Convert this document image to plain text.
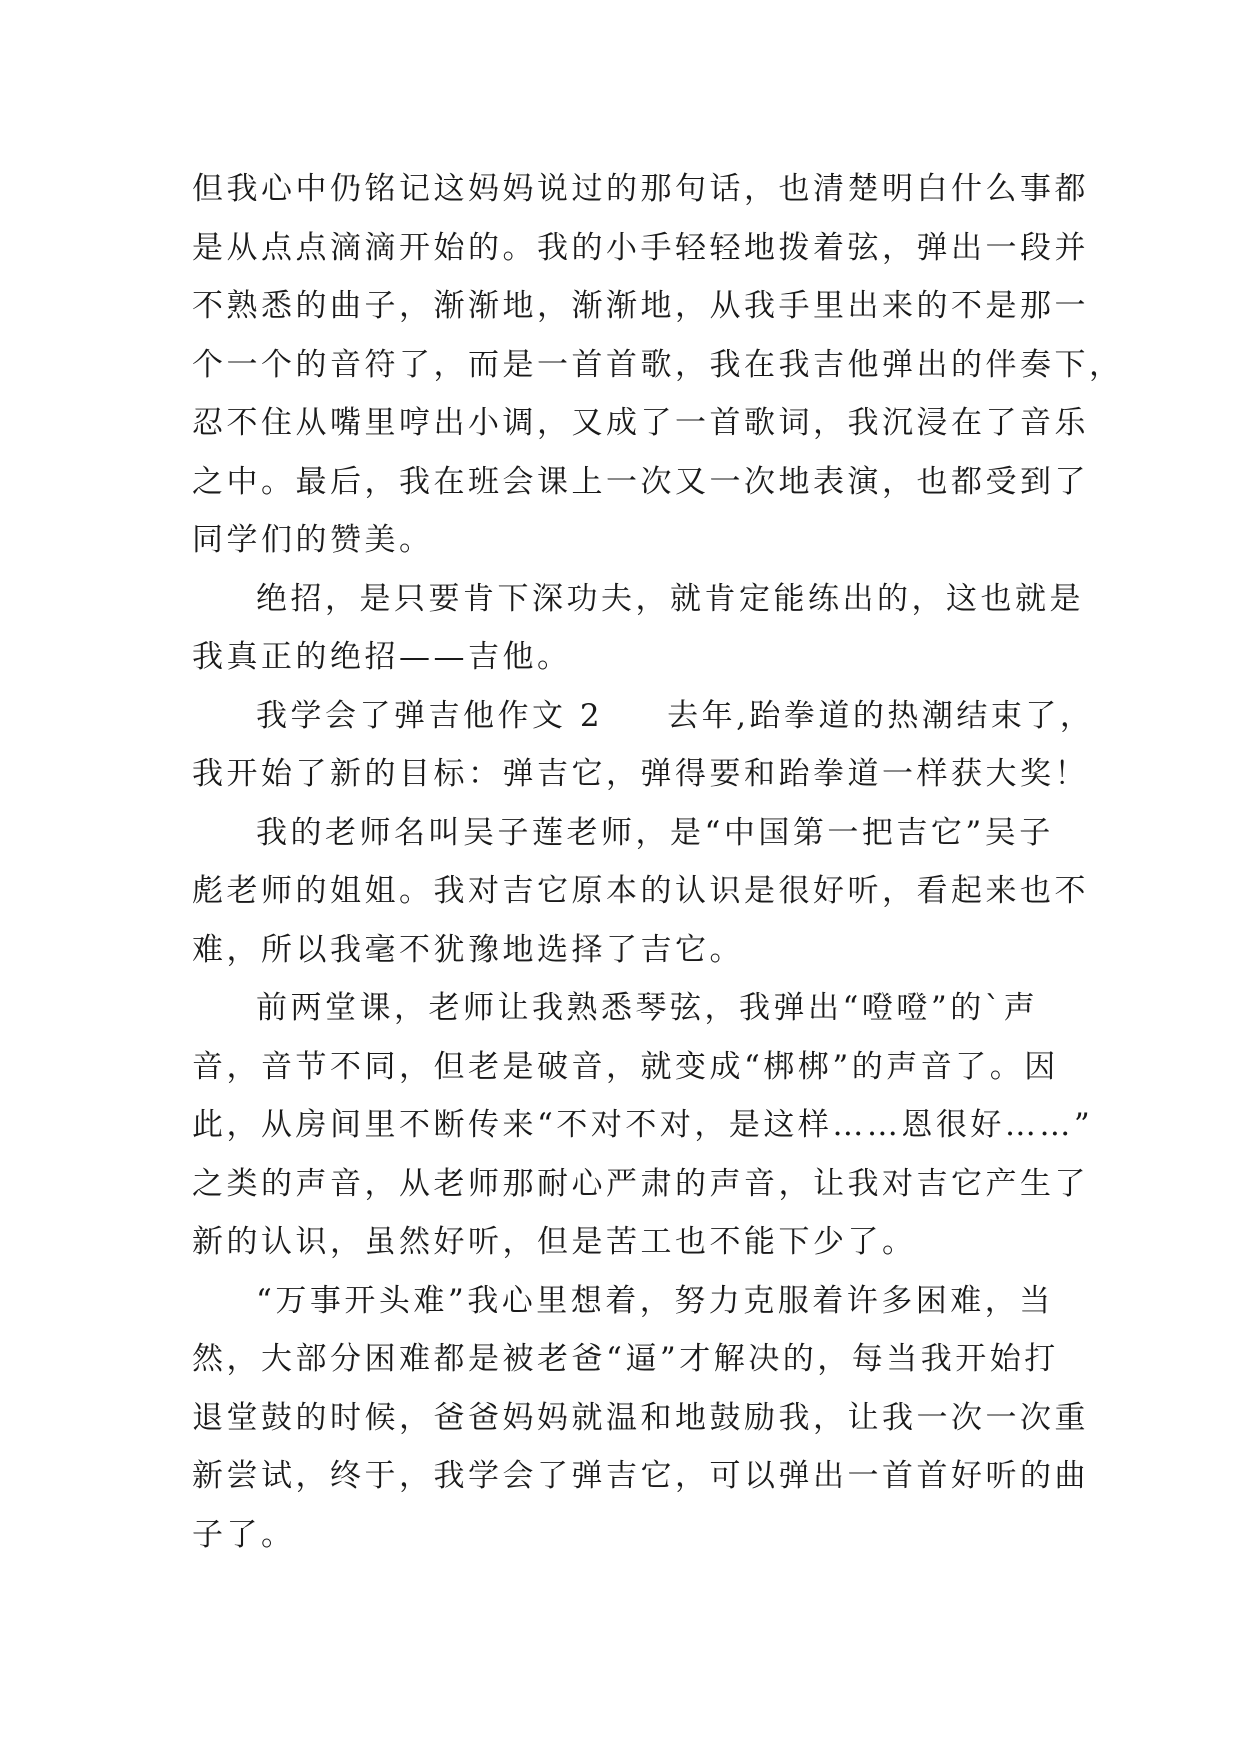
但我心中仍铭记这妈妈说过的那句话，也清楚明白什么事都
是从点点滴滴开始的。我的小手轻轻地拨着弦，弹出一段并
不熟悉的曲子，渐渐地，渐渐地，从我手里出来的不是那一
个一个的音符了，而是一首首歌，我在我吉他弹出的伴奏下，
忍不住从嘴里哼出小调，又成了一首歌词，我沉浸在了音乐
之中。最后，我在班会课上一次又一次地表演，也都受到了
同学们的赞美。
绝招，是只要肯下深功夫，就肯定能练出的，这也就是
我真正的绝招——吉他。
我学会了弹吉他作文 2 去年,跆拳道的热潮结束了，
我开始了新的目标：弹吉它，弹得要和跆拳道一样获大奖！
我的老师名叫吴子莲老师，是“中国第一把吉它”吴子
彪老师的姐姐。我对吉它原本的认识是很好听，看起来也不
难，所以我毫不犹豫地选择了吉它。
前两堂课，老师让我熟悉琴弦，我弹出“噔噔”的`声
音，音节不同，但老是破音，就变成“梆梆”的声音了。因
此，从房间里不断传来“不对不对，是这样……恩很好……”
之类的声音，从老师那耐心严肃的声音，让我对吉它产生了
新的认识，虽然好听，但是苦工也不能下少了。
“万事开头难”我心里想着，努力克服着许多困难，当
然，大部分困难都是被老爸“逼”才解决的，每当我开始打
退堂鼓的时候，爸爸妈妈就温和地鼓励我，让我一次一次重
新尝试，终于，我学会了弹吉它，可以弹出一首首好听的曲
子了。
